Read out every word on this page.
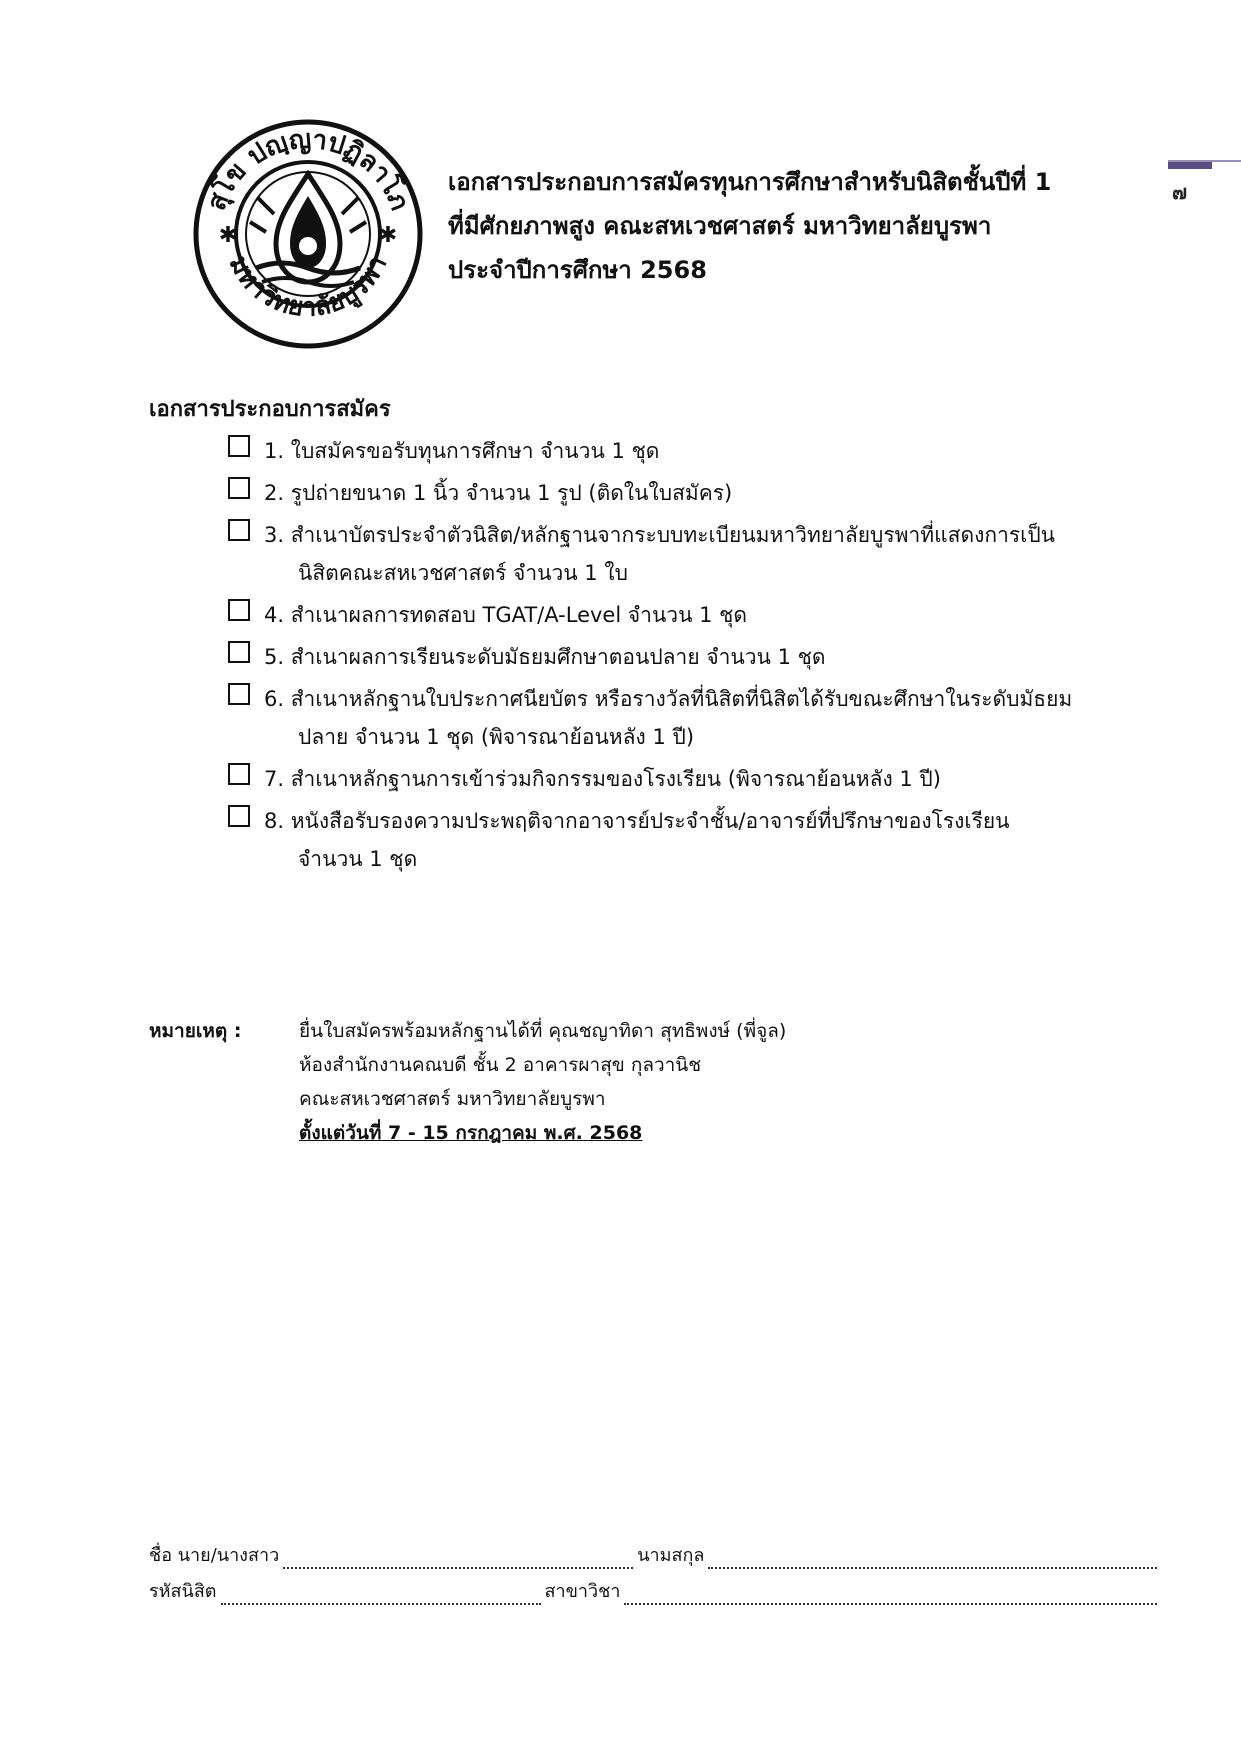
สุโข ปญฺญาปฏิลาโภ
มหาวิทยาลัยบูรพา
✱	✱
เอกสารประกอบการสมัครทุนการศึกษาสำหรับนิสิตชั้นปีที่ 1
ที่มีศักยภาพสูง คณะสหเวชศาสตร์ มหาวิทยาลัยบูรพา
ประจำปีการศึกษา 2568
๗
เอกสารประกอบการสมัคร
1. ใบสมัครขอรับทุนการศึกษา จำนวน 1 ชุด
2. รูปถ่ายขนาด 1 นิ้ว จำนวน 1 รูป (ติดในใบสมัคร)
3. สำเนาบัตรประจำตัวนิสิต/หลักฐานจากระบบทะเบียนมหาวิทยาลัยบูรพาที่แสดงการเป็น
นิสิตคณะสหเวชศาสตร์ จำนวน 1 ใบ
4. สำเนาผลการทดสอบ TGAT/A-Level จำนวน 1 ชุด
5. สำเนาผลการเรียนระดับมัธยมศึกษาตอนปลาย จำนวน 1 ชุด
6. สำเนาหลักฐานใบประกาศนียบัตร หรือรางวัลที่นิสิตที่นิสิตได้รับขณะศึกษาในระดับมัธยม
ปลาย จำนวน 1 ชุด (พิจารณาย้อนหลัง 1 ปี)
7. สำเนาหลักฐานการเข้าร่วมกิจกรรมของโรงเรียน (พิจารณาย้อนหลัง 1 ปี)
8. หนังสือรับรองความประพฤติจากอาจารย์ประจำชั้น/อาจารย์ที่ปรึกษาของโรงเรียน
จำนวน 1 ชุด
หมายเหตุ :	ยื่นใบสมัครพร้อมหลักฐานได้ที่ คุณชญาทิดา สุทธิพงษ์ (พี่จูล)
ห้องสำนักงานคณบดี ชั้น 2 อาคารผาสุข กุลวานิช
คณะสหเวชศาสตร์ มหาวิทยาลัยบูรพา
ตั้งแต่วันที่ 7 - 15 กรกฎาคม พ.ศ. 2568
ชื่อ นาย/นางสาว	นามสกุล
รหัสนิสิต	สาขาวิชา
